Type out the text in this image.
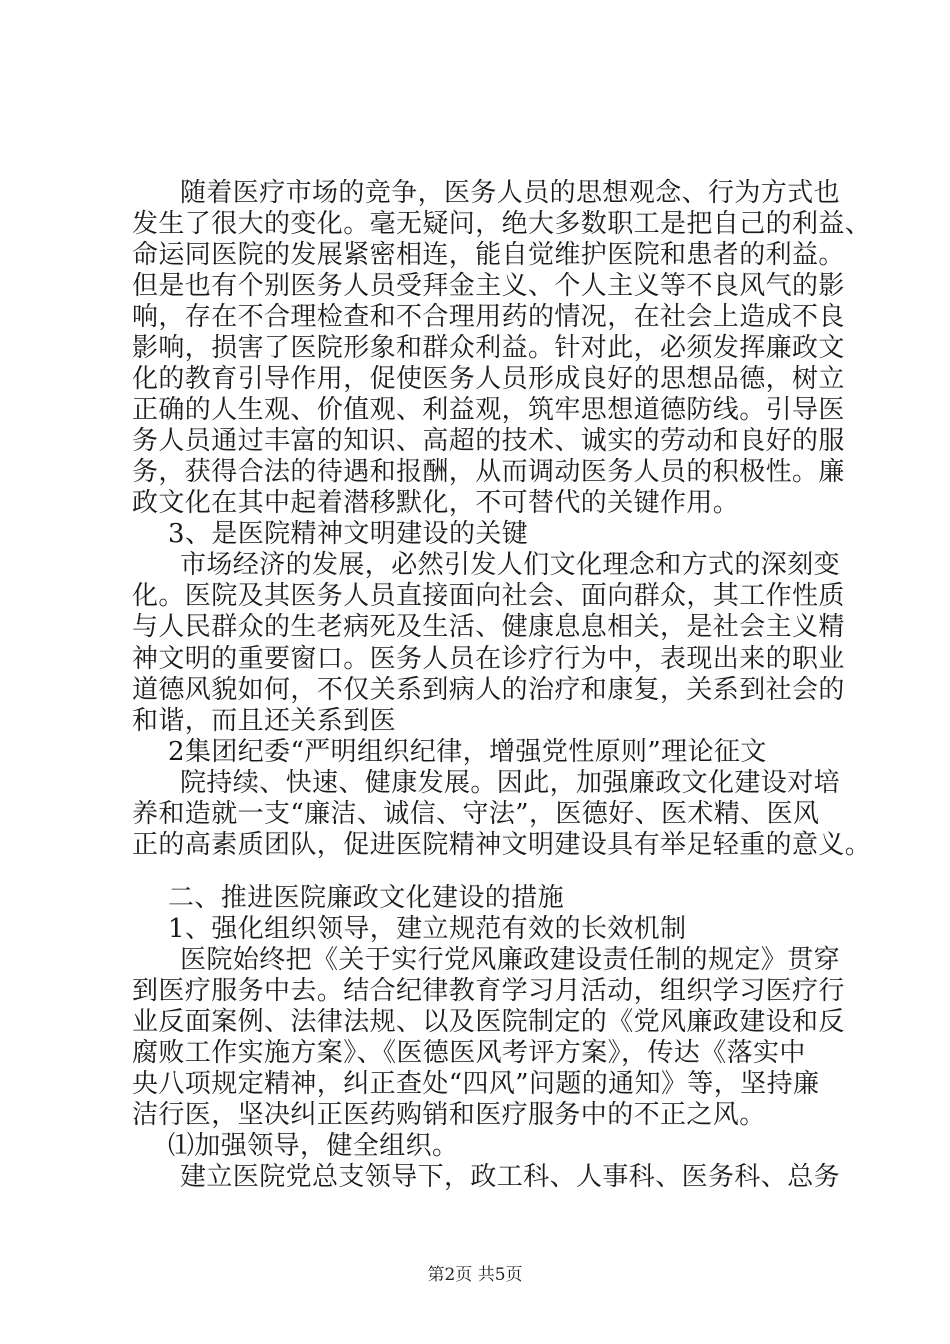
随着医疗市场的竞争，医务人员的思想观念、行为方式也
发生了很大的变化。毫无疑问，绝大多数职工是把自己的利益、
命运同医院的发展紧密相连，能自觉维护医院和患者的利益。
但是也有个别医务人员受拜金主义、个人主义等不良风气的影
响，存在不合理检查和不合理用药的情况，在社会上造成不良
影响，损害了医院形象和群众利益。针对此，必须发挥廉政文
化的教育引导作用，促使医务人员形成良好的思想品德，树立
正确的人生观、价值观、利益观，筑牢思想道德防线。引导医
务人员通过丰富的知识、高超的技术、诚实的劳动和良好的服
务，获得合法的待遇和报酬，从而调动医务人员的积极性。廉
政文化在其中起着潜移默化，不可替代的关键作用。
3、是医院精神文明建设的关键
市场经济的发展，必然引发人们文化理念和方式的深刻变
化。医院及其医务人员直接面向社会、面向群众，其工作性质
与人民群众的生老病死及生活、健康息息相关，是社会主义精
神文明的重要窗口。医务人员在诊疗行为中，表现出来的职业
道德风貌如何，不仅关系到病人的治疗和康复，关系到社会的
和谐，而且还关系到医
2集团纪委“严明组织纪律，增强党性原则”理论征文
院持续、快速、健康发展。因此，加强廉政文化建设对培
养和造就一支“廉洁、诚信、守法”，医德好、医术精、医风
正的高素质团队，促进医院精神文明建设具有举足轻重的意义。
二、推进医院廉政文化建设的措施
1、强化组织领导，建立规范有效的长效机制
医院始终把《关于实行党风廉政建设责任制的规定》贯穿
到医疗服务中去。结合纪律教育学习月活动，组织学习医疗行
业反面案例、法律法规、以及医院制定的《党风廉政建设和反
腐败工作实施方案》、《医德医风考评方案》，传达《落实中
央八项规定精神，纠正查处“四风”问题的通知》等，坚持廉
洁行医，坚决纠正医药购销和医疗服务中的不正之风。
⑴加强领导，健全组织。
第2页 共5页
建立医院党总支领导下，政工科、人事科、医务科、总务
